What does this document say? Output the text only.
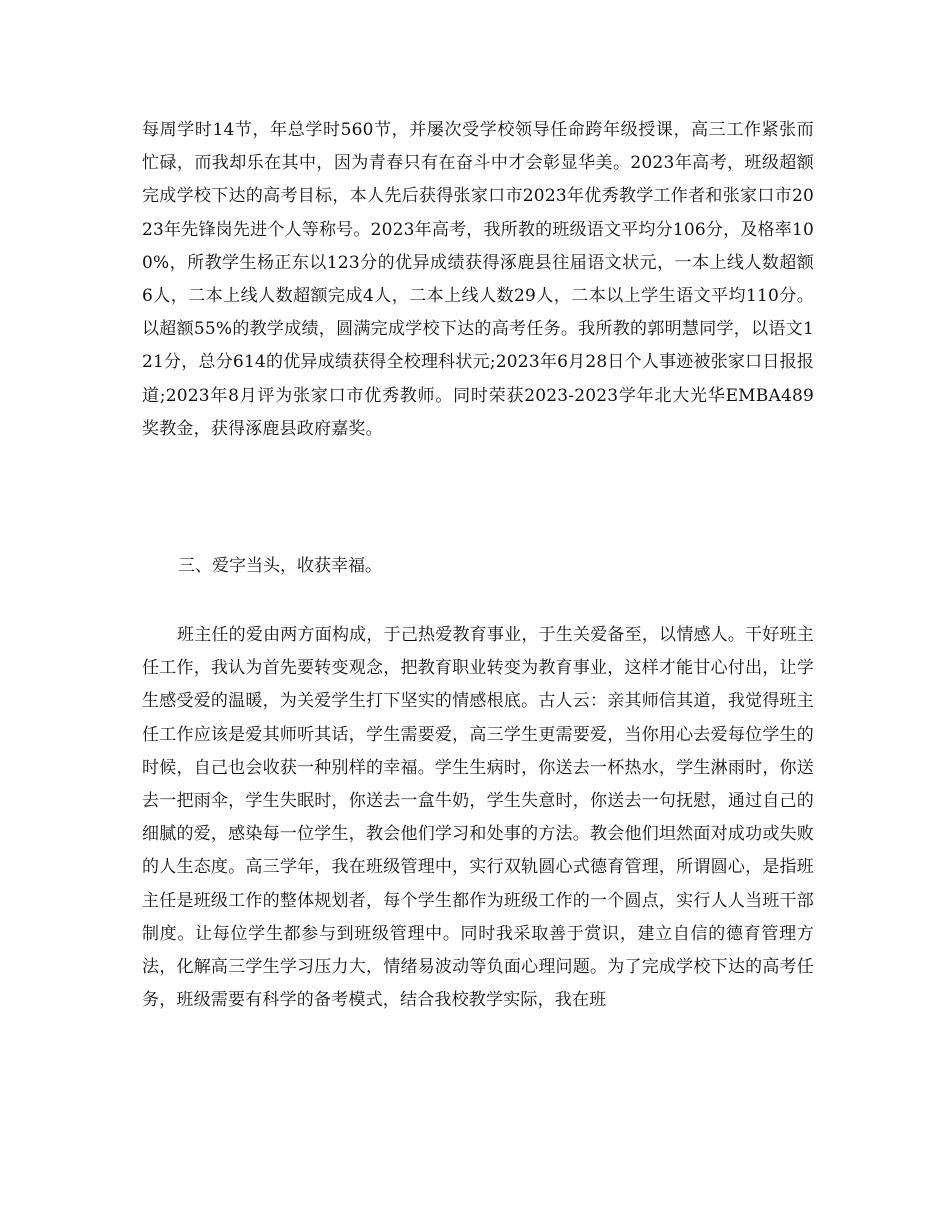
每周学时14节，年总学时560节，并屡次受学校领导任命跨年级授课，高三工作紧张而忙碌，而我却乐在其中，因为青春只有在奋斗中才会彰显华美。2023年高考，班级超额完成学校下达的高考目标，本人先后获得张家口市2023年优秀教学工作者和张家口市2023年先锋岗先进个人等称号。2023年高考，我所教的班级语文平均分106分，及格率100%，所教学生杨正东以123分的优异成绩获得涿鹿县往届语文状元，一本上线人数超额6人，二本上线人数超额完成4人，二本上线人数29人，二本以上学生语文平均110分。以超额55%的教学成绩，圆满完成学校下达的高考任务。我所教的郭明慧同学，以语文121分，总分614的优异成绩获得全校理科状元;2023年6月28日个人事迹被张家口日报报道;2023年8月评为张家口市优秀教师。同时荣获2023-2023学年北大光华EMBA489奖教金，获得涿鹿县政府嘉奖。

三、爱字当头，收获幸福。

班主任的爱由两方面构成，于己热爱教育事业，于生关爱备至，以情感人。干好班主任工作，我认为首先要转变观念，把教育职业转变为教育事业，这样才能甘心付出，让学生感受爱的温暖，为关爱学生打下坚实的情感根底。古人云：亲其师信其道，我觉得班主任工作应该是爱其师听其话，学生需要爱，高三学生更需要爱，当你用心去爱每位学生的时候，自己也会收获一种别样的幸福。学生生病时，你送去一杯热水，学生淋雨时，你送去一把雨伞，学生失眠时，你送去一盒牛奶，学生失意时，你送去一句抚慰，通过自己的细腻的爱，感染每一位学生，教会他们学习和处事的方法。教会他们坦然面对成功或失败的人生态度。高三学年，我在班级管理中，实行双轨圆心式德育管理，所谓圆心，是指班主任是班级工作的整体规划者，每个学生都作为班级工作的一个圆点，实行人人当班干部制度。让每位学生都参与到班级管理中。同时我采取善于赏识，建立自信的德育管理方法，化解高三学生学习压力大，情绪易波动等负面心理问题。为了完成学校下达的高考任务，班级需要有科学的备考模式，结合我校教学实际，我在班
